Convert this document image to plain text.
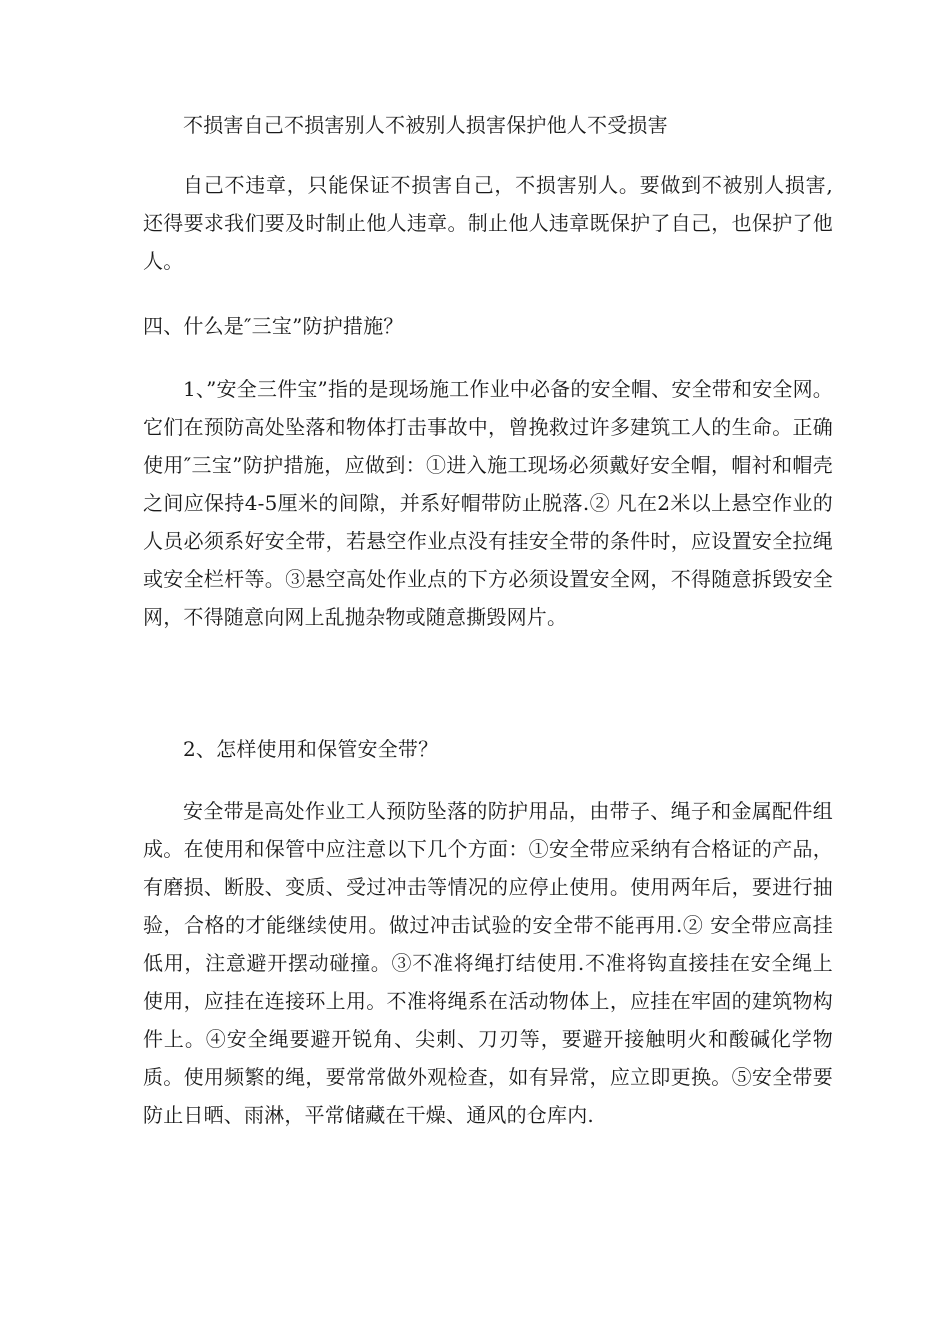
不损害自己不损害别人不被别人损害保护他人不受损害

自己不违章，只能保证不损害自己，不损害别人。要做到不被别人损害,还得要求我们要及时制止他人违章。制止他人违章既保护了自己，也保护了他人。

四、什么是″三宝”防护措施？

1、”安全三件宝”指的是现场施工作业中必备的安全帽、安全带和安全网。它们在预防高处坠落和物体打击事故中，曾挽救过许多建筑工人的生命。正确使用″三宝”防护措施，应做到：①进入施工现场必须戴好安全帽，帽衬和帽壳之间应保持4-5厘米的间隙，并系好帽带防止脱落.② 凡在2米以上悬空作业的人员必须系好安全带，若悬空作业点没有挂安全带的条件时，应设置安全拉绳或安全栏杆等。③悬空高处作业点的下方必须设置安全网，不得随意拆毁安全网，不得随意向网上乱抛杂物或随意撕毁网片。

2、怎样使用和保管安全带？

安全带是高处作业工人预防坠落的防护用品，由带子、绳子和金属配件组成。在使用和保管中应注意以下几个方面：①安全带应采纳有合格证的产品，有磨损、断股、变质、受过冲击等情况的应停止使用。使用两年后，要进行抽验，合格的才能继续使用。做过冲击试验的安全带不能再用.② 安全带应高挂低用，注意避开摆动碰撞。③不准将绳打结使用.不准将钩直接挂在安全绳上使用，应挂在连接环上用。不准将绳系在活动物体上，应挂在牢固的建筑物构件上。④安全绳要避开锐角、尖刺、刀刃等，要避开接触明火和酸碱化学物质。使用频繁的绳，要常常做外观检查，如有异常，应立即更换。⑤安全带要防止日晒、雨淋，平常储藏在干燥、通风的仓库内.
